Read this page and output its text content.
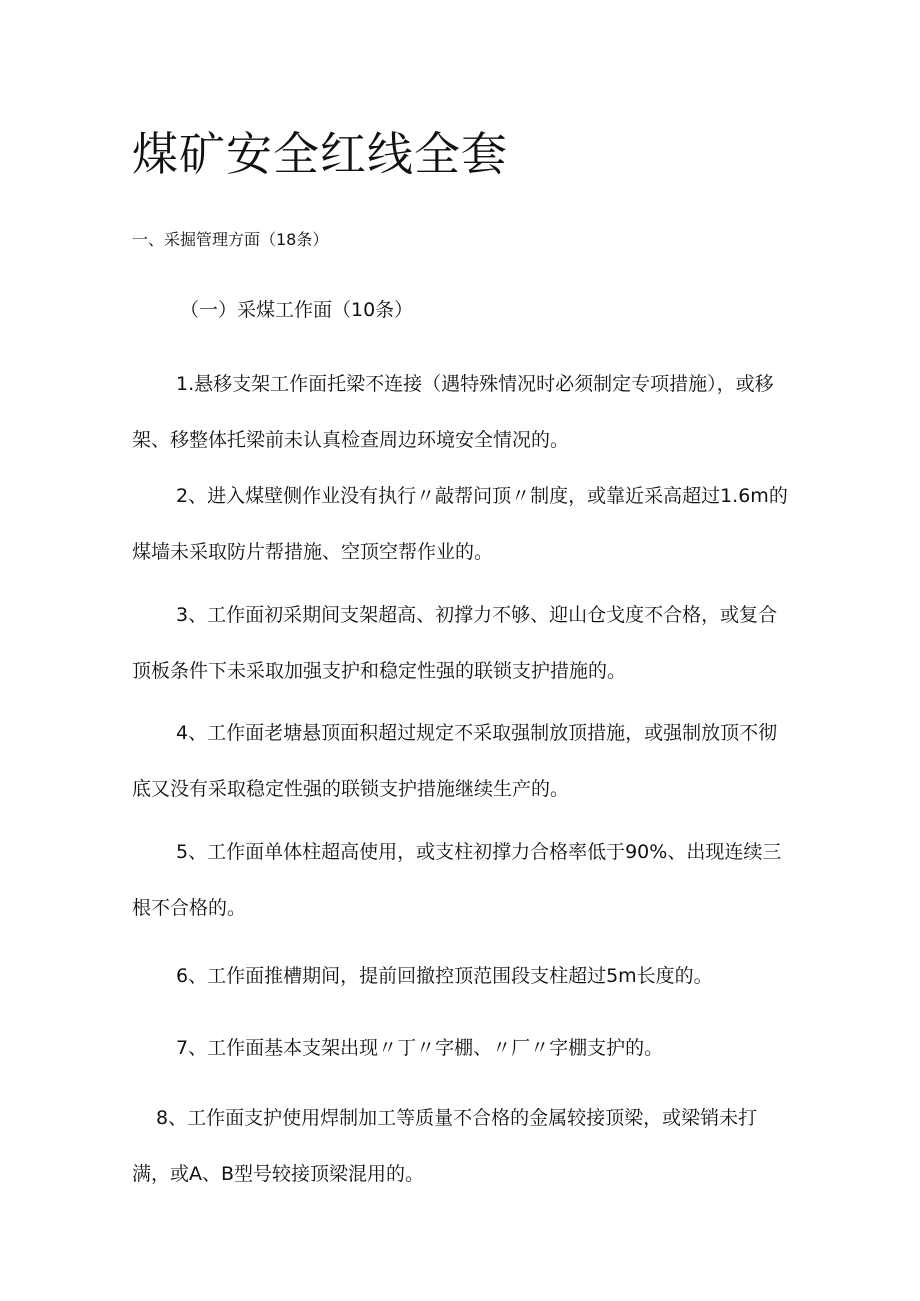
煤矿安全红线全套
一、采掘管理方面（18条）
（一）采煤工作面（10条）

1.悬移支架工作面托梁不连接（遇特殊情况时必须制定专项措施），或移架、移整体托梁前未认真检查周边环境安全情况的。

2、进入煤壁侧作业没有执行〃敲帮问顶〃制度，或靠近采高超过1.6m的煤墙未采取防片帮措施、空顶空帮作业的。

3、工作面初采期间支架超高、初撑力不够、迎山仓戈度不合格，或复合顶板条件下未采取加强支护和稳定性强的联锁支护措施的。

4、工作面老塘悬顶面积超过规定不采取强制放顶措施，或强制放顶不彻底又没有采取稳定性强的联锁支护措施继续生产的。

5、工作面单体柱超高使用，或支柱初撑力合格率低于90%、出现连续三根不合格的。

6、工作面推槽期间，提前回撤控顶范围段支柱超过5m长度的。

7、工作面基本支架出现〃丁〃字棚、〃厂〃字棚支护的。

8、工作面支护使用焊制加工等质量不合格的金属较接顶梁，或梁销未打满，或A、B型号较接顶梁混用的。
